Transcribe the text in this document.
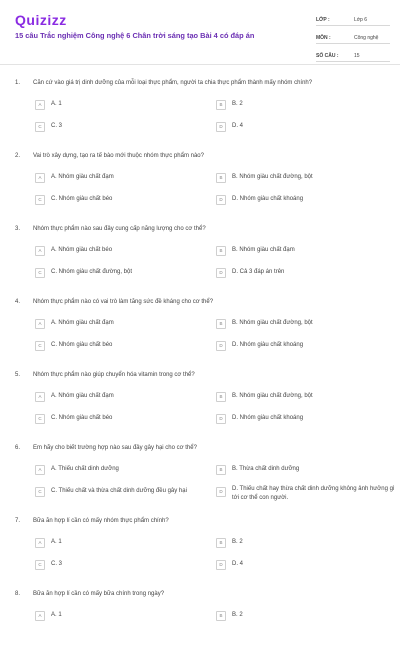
Quizizz
15 câu Trắc nghiệm Công nghệ 6 Chân trời sáng tạo Bài 4 có đáp án
LỚP :	Lớp 6
MÔN :	Công nghệ
SỐ CÂU :	15
1. Căn cứ vào giá trị dinh dưỡng của mỗi loại thực phẩm, người ta chia thực phẩm thành mấy nhóm chính?
A	A. 1	B	B. 2
C	C. 3	D	D. 4
2. Vai trò xây dựng, tạo ra tế bào mới thuộc nhóm thực phẩm nào?
A	A. Nhóm giàu chất đạm	B	B. Nhóm giàu chất đường, bột
C	C. Nhóm giàu chất béo	D	D. Nhóm giàu chất khoáng
3. Nhóm thực phẩm nào sau đây cung cấp năng lượng cho cơ thể?
A	A. Nhóm giàu chất béo	B	B. Nhóm giàu chất đạm
C	C. Nhóm giàu chất đường, bột	D	D. Cả 3 đáp án trên
4. Nhóm thực phẩm nào có vai trò làm tăng sức đề kháng cho cơ thể?
A	A. Nhóm giàu chất đạm	B	B. Nhóm giàu chất đường, bột
C	C. Nhóm giàu chất béo	D	D. Nhóm giàu chất khoáng
5. Nhóm thực phẩm nào giúp chuyển hóa vitamin trong cơ thể?
A	A. Nhóm giàu chất đạm	B	B. Nhóm giàu chất đường, bột
C	C. Nhóm giàu chất béo	D	D. Nhóm giàu chất khoáng
6. Em hãy cho biết trường hợp nào sau đây gây hại cho cơ thể?
A	A. Thiếu chất dinh dưỡng	B	B. Thừa chất dinh dưỡng
C	C. Thiếu chất và thừa chất dinh dưỡng đều gây hại	D	D. Thiếu chất hay thừa chất dinh dưỡng không ảnh hưởng gì tới cơ thể con người.
7. Bữa ăn hợp lí cần có mấy nhóm thực phẩm chính?
A	A. 1	B	B. 2
C	C. 3	D	D. 4
8. Bữa ăn hợp lí cần có mấy bữa chính trong ngày?
A	A. 1	B	B. 2
